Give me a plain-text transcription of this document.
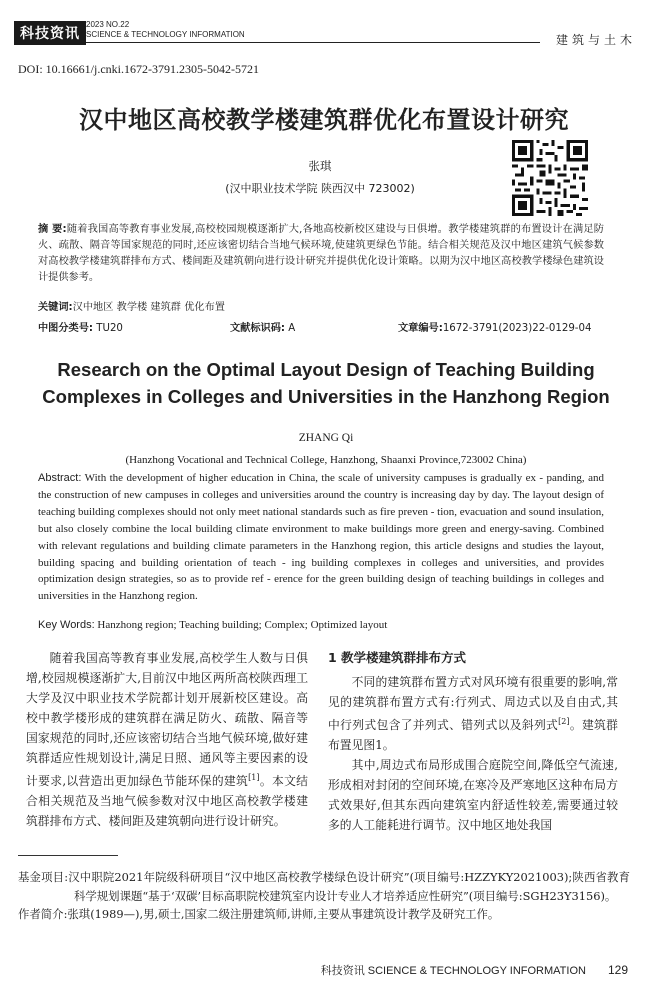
科技资讯
2023 NO.22
SCIENCE & TECHNOLOGY INFORMATION	建筑与土木
DOI: 10.16661/j.cnki.1672-3791.2305-5042-5721
汉中地区高校教学楼建筑群优化布置设计研究
张琪
(汉中职业技术学院 陕西汉中 723002)
摘 要:随着我国高等教育事业发展,高校校园规模逐渐扩大,各地高校新校区建设与日俱增。教学楼建筑群的布置设计在满足防火、疏散、隔音等国家规范的同时,还应该密切结合当地气候环境,使建筑更绿色节能。结合相关规范及汉中地区建筑气候参数对高校教学楼建筑群排布方式、楼间距及建筑朝向进行设计研究并提供优化设计策略。以期为汉中地区高校教学楼绿色建筑设计提供参考。
关键词:汉中地区 教学楼 建筑群 优化布置
中图分类号: TU20	文献标识码: A	文章编号:1672-3791(2023)22-0129-04
Research on the Optimal Layout Design of Teaching Building Complexes in Colleges and Universities in the Hanzhong Region
ZHANG Qi
(Hanzhong Vocational and Technical College, Hanzhong, Shaanxi Province,723002 China)
Abstract: With the development of higher education in China, the scale of university campuses is gradually ex - panding, and the construction of new campuses in colleges and universities around the country is increasing day by day. The layout design of teaching building complexes should not only meet national standards such as fire preven - tion, evacuation and sound insulation, but also closely combine the local building climate environment to make buildings more green and energy-saving. Combined with relevant regulations and building climate parameters in the Hanzhong region, this article designs and studies the layout, building spacing and building orientation of teach - ing building complexes in colleges and universities, and provides optimization design strategies, so as to provide ref - erence for the green building design of teaching buildings in colleges and universities in the Hanzhong region.
Key Words: Hanzhong region; Teaching building; Complex; Optimized layout

随着我国高等教育事业发展,高校学生人数与日俱增,校园规模逐渐扩大,目前汉中地区两所高校陕西理工大学及汉中职业技术学院都计划开展新校区建设。高校中教学楼形成的建筑群在满足防火、疏散、隔音等国家规范的同时,还应该密切结合当地气候环境,做好建筑群适应性规划设计,满足日照、通风等主要因素的设计要求,以营造出更加绿色节能环保的建筑[1]。本文结合相关规范及当地气候参数对汉中地区高校教学楼建筑群排布方式、楼间距及建筑朝向进行设计研究。

1 教学楼建筑群排布方式

不同的建筑群布置方式对风环境有很重要的影响,常见的建筑群布置方式有:行列式、周边式以及自由式,其中行列式包含了并列式、错列式以及斜列式[2]。建筑群布置见图1。

其中,周边式布局形成围合庭院空间,降低空气流速,形成相对封闭的空间环境,在寒冷及严寒地区这种布局方式效果好,但其东西向建筑室内舒适性较差,需要通过较多的人工能耗进行调节。汉中地区地处我国

基金项目:汉中职院2021年院级科研项目“汉中地区高校教学楼绿色设计研究”(项目编号:HZZYKY2021003);陕西省教育科学规划课题“基于‘双碳’目标高职院校建筑室内设计专业人才培养适应性研究”(项目编号:SGH23Y3156)。
作者简介:张琪(1989—),男,硕士,国家二级注册建筑师,讲师,主要从事建筑设计教学及研究工作。
科技资讯 SCIENCE & TECHNOLOGY INFORMATION 129
